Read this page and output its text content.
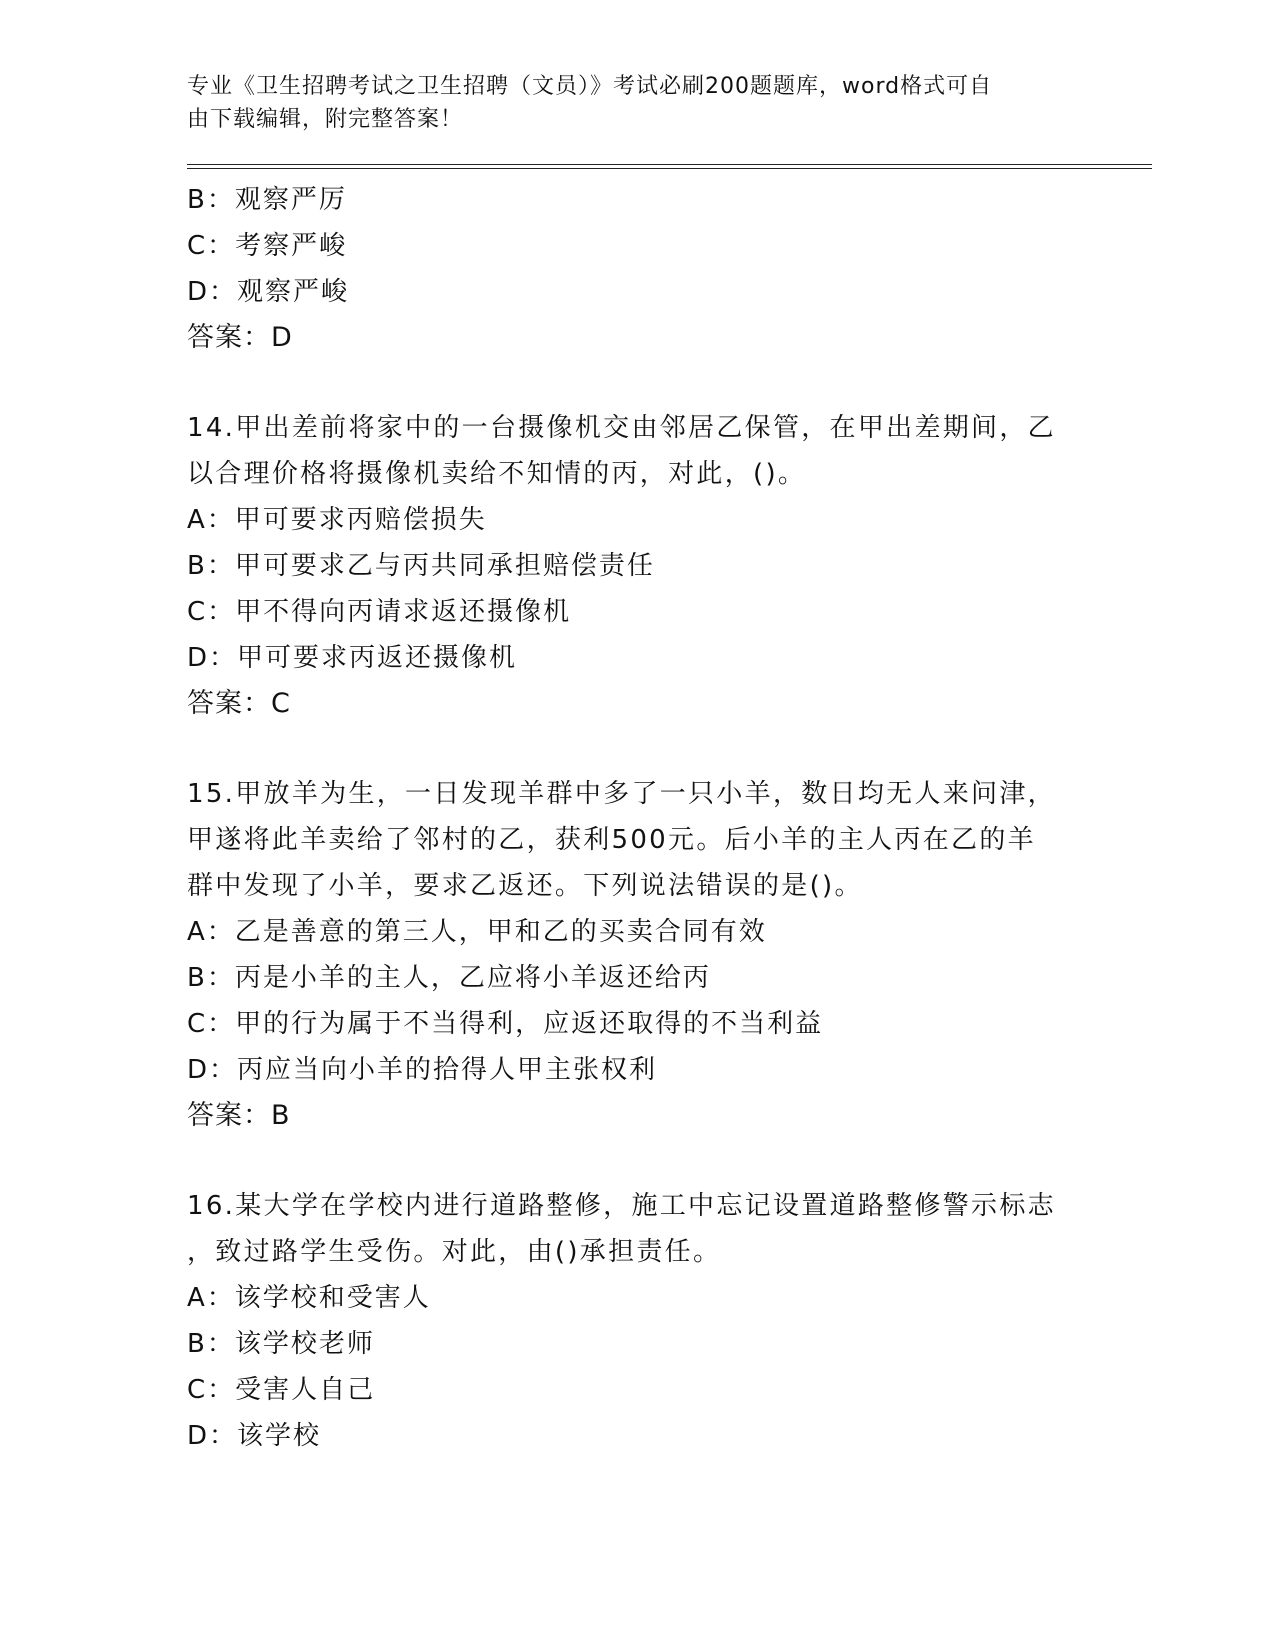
专业《卫生招聘考试之卫生招聘（文员）》考试必刷200题题库，word格式可自
由下载编辑，附完整答案！
B：观察严厉
C：考察严峻
D：观察严峻
答案：D
14.甲出差前将家中的一台摄像机交由邻居乙保管，在甲出差期间，乙
以合理价格将摄像机卖给不知情的丙，对此，()。
A：甲可要求丙赔偿损失
B：甲可要求乙与丙共同承担赔偿责任
C：甲不得向丙请求返还摄像机
D：甲可要求丙返还摄像机
答案：C
15.甲放羊为生，一日发现羊群中多了一只小羊，数日均无人来问津，
甲遂将此羊卖给了邻村的乙，获利500元。后小羊的主人丙在乙的羊
群中发现了小羊，要求乙返还。下列说法错误的是()。
A：乙是善意的第三人，甲和乙的买卖合同有效
B：丙是小羊的主人，乙应将小羊返还给丙
C：甲的行为属于不当得利，应返还取得的不当利益
D：丙应当向小羊的拾得人甲主张权利
答案：B
16.某大学在学校内进行道路整修，施工中忘记设置道路整修警示标志
，致过路学生受伤。对此，由()承担责任。
A：该学校和受害人
B：该学校老师
C：受害人自己
D：该学校
